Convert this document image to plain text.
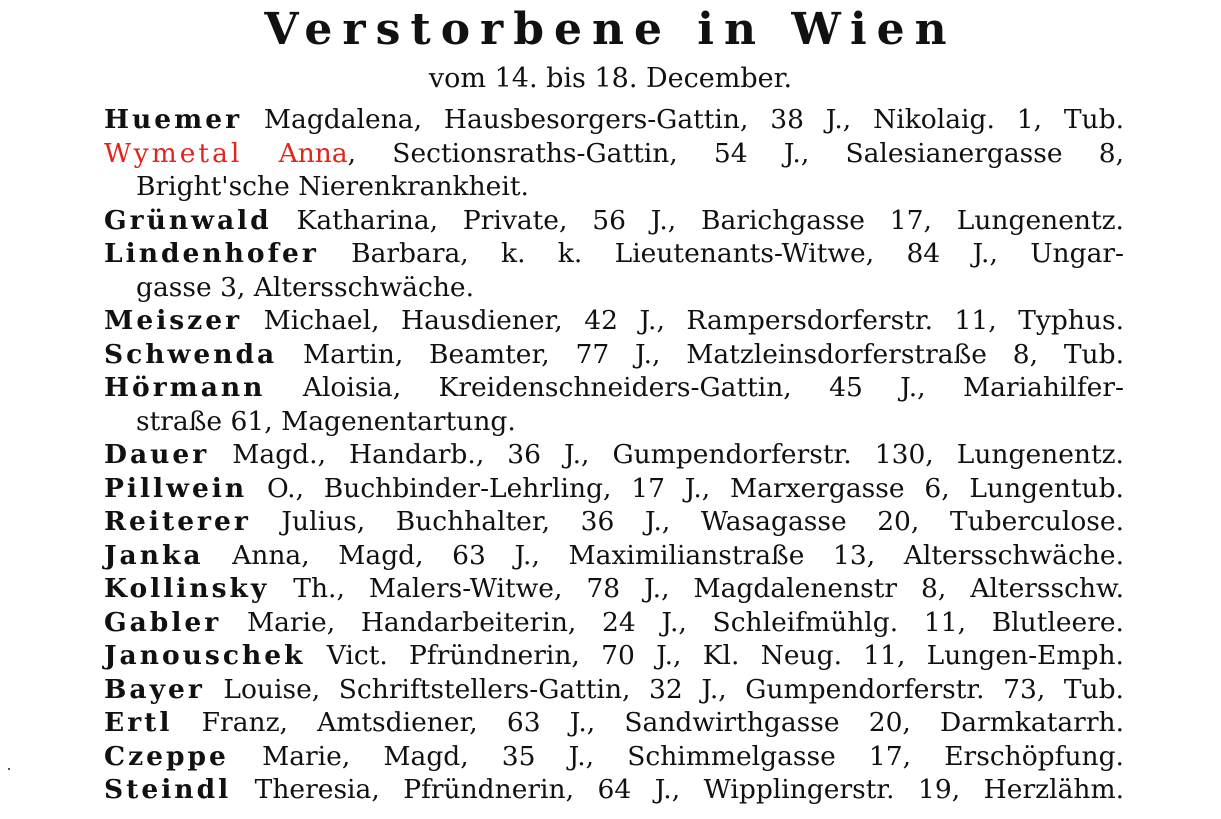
Verstorbene in Wien
vom 14. bis 18. December.
Huemer Magdalena, Hausbesorgers-Gattin, 38 J., Nikolaig. 1, Tub.
Wymetal Anna, Sectionsraths-Gattin, 54 J., Salesianergasse 8,
Bright'sche Nierenkrankheit.
Grünwald Katharina, Private, 56 J., Barichgasse 17, Lungenentz.
Lindenhofer Barbara, k. k. Lieutenants-Witwe, 84 J., Ungar-
gasse 3, Altersschwäche.
Meiszer Michael, Hausdiener, 42 J., Rampersdorferstr. 11, Typhus.
Schwenda Martin, Beamter, 77 J., Matzleinsdorferstraße 8, Tub.
Hörmann Aloisia, Kreidenschneiders-Gattin, 45 J., Mariahilfer-
straße 61, Magenentartung.
Dauer Magd., Handarb., 36 J., Gumpendorferstr. 130, Lungenentz.
Pillwein O., Buchbinder-Lehrling, 17 J., Marxergasse 6, Lungentub.
Reiterer Julius, Buchhalter, 36 J., Wasagasse 20, Tuberculose.
Janka Anna, Magd, 63 J., Maximilianstraße 13, Altersschwäche.
Kollinsky Th., Malers-Witwe, 78 J., Magdalenenstr 8, Altersschw.
Gabler Marie, Handarbeiterin, 24 J., Schleifmühlg. 11, Blutleere.
Janouschek Vict. Pfründnerin, 70 J., Kl. Neug. 11, Lungen-Emph.
Bayer Louise, Schriftstellers-Gattin, 32 J., Gumpendorferstr. 73, Tub.
Ertl Franz, Amtsdiener, 63 J., Sandwirthgasse 20, Darmkatarrh.
Czeppe Marie, Magd, 35 J., Schimmelgasse 17, Erschöpfung.
Steindl Theresia, Pfründnerin, 64 J., Wipplingerstr. 19, Herzlähm.
